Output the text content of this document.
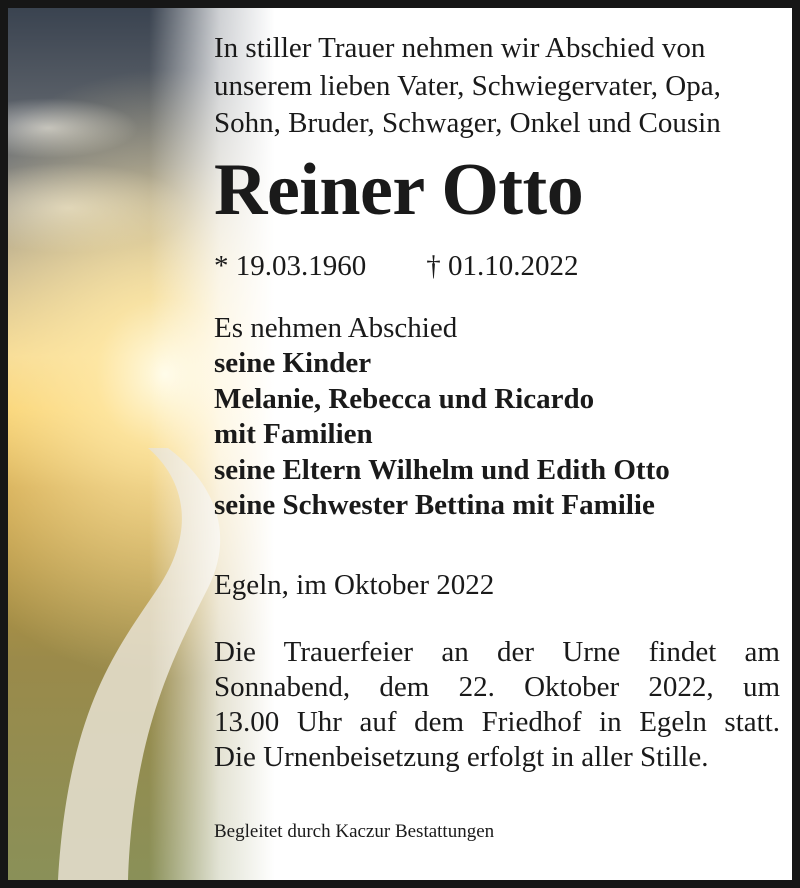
In stiller Trauer nehmen wir Abschied von
unserem lieben Vater, Schwiegervater, Opa,
Sohn, Bruder, Schwager, Onkel und Cousin

Reiner Otto
* 19.03.1960 † 01.10.2022

Es nehmen Abschied
seine Kinder
Melanie, Rebecca und Ricardo
mit Familien
seine Eltern Wilhelm und Edith Otto
seine Schwester Bettina mit Familie

Egeln, im Oktober 2022

Die Trauerfeier an der Urne findet am
Sonnabend, dem 22. Oktober 2022, um
13.00 Uhr auf dem Friedhof in Egeln statt.
Die Urnenbeisetzung erfolgt in aller Stille.

Begleitet durch Kaczur Bestattungen
